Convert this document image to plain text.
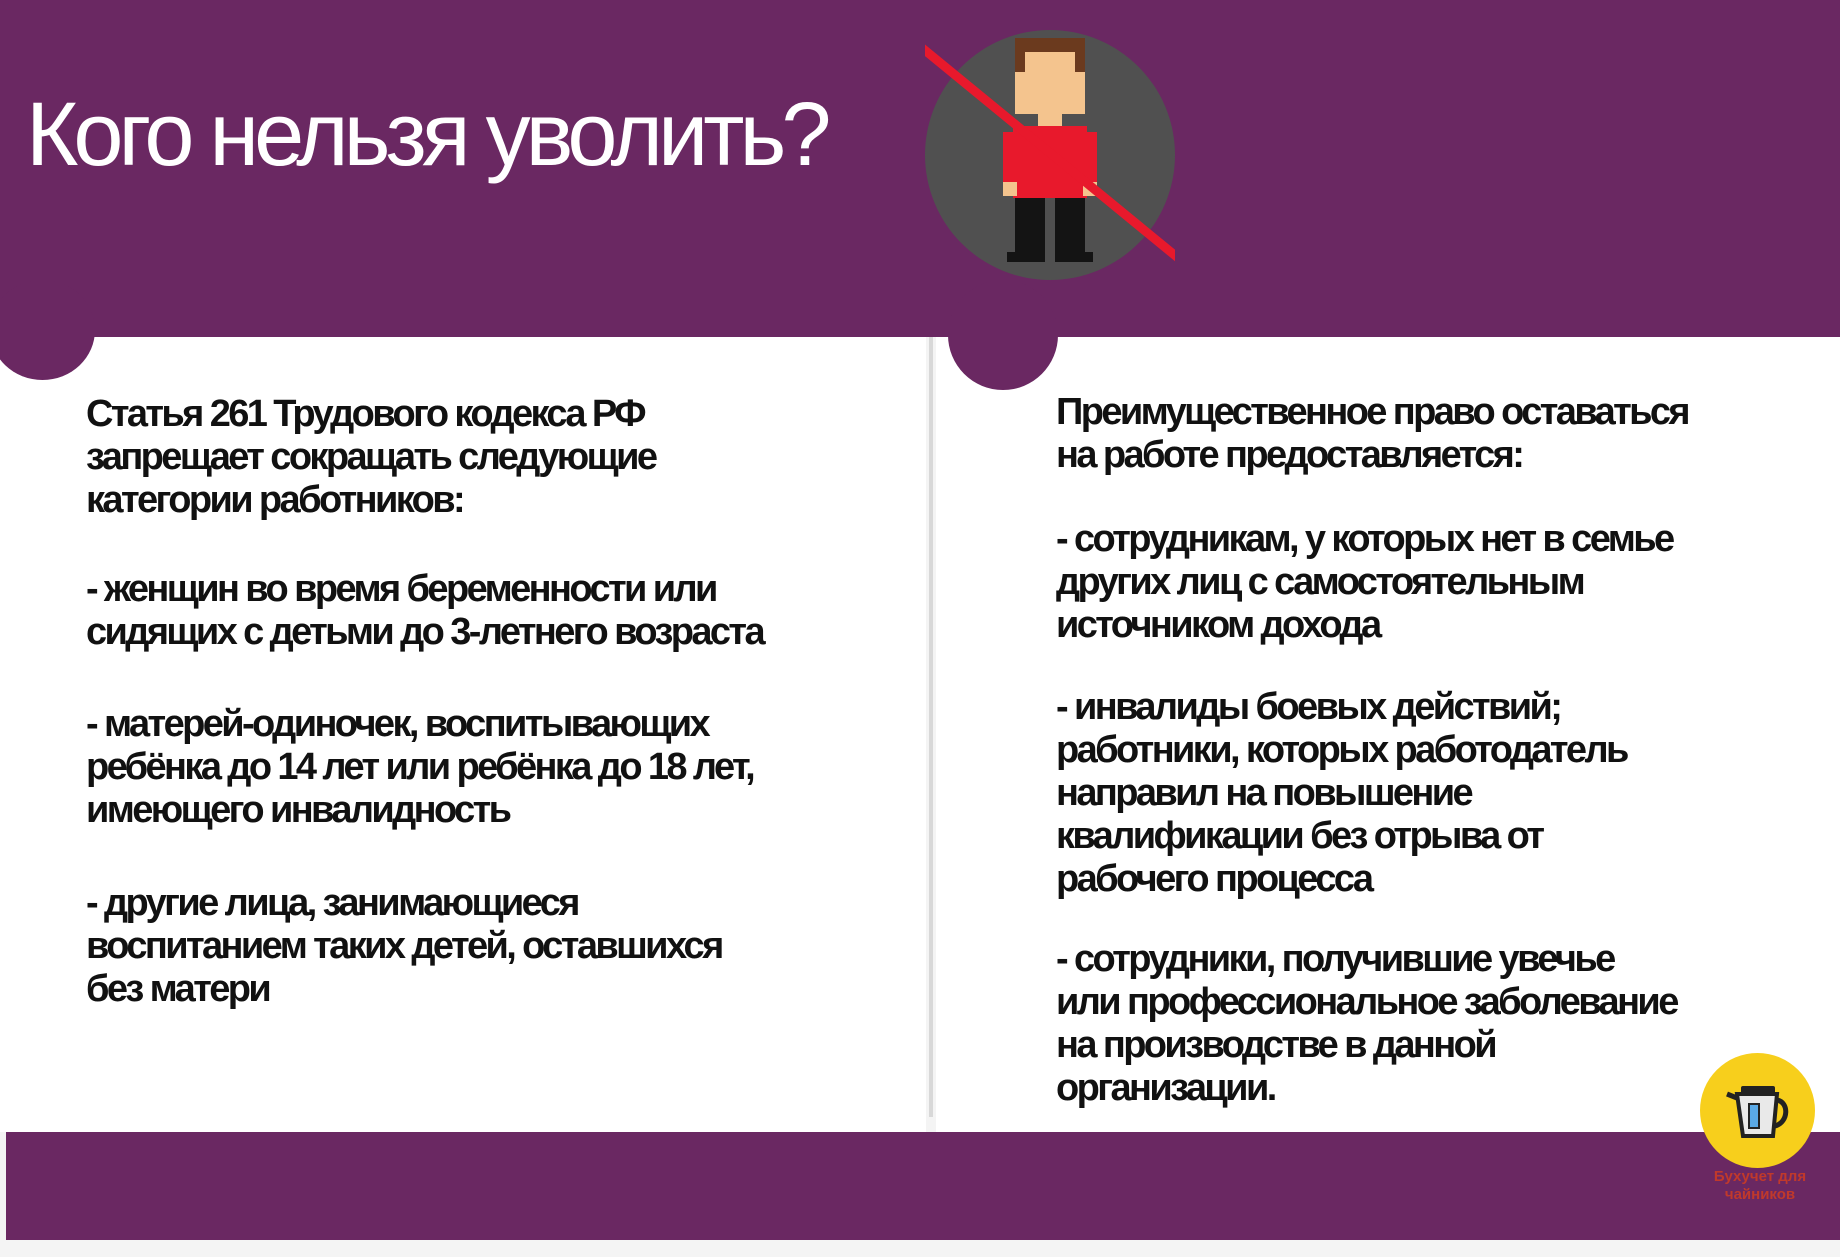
Кого нельзя уволить?

Статья 261 Трудового кодекса РФ
запрещает сокращать следующие
категории работников:

- женщин во время беременности или
сидящих с детьми до 3-летнего возраста

- матерей-одиночек, воспитывающих
ребёнка до 14 лет или ребёнка до 18 лет,
имеющего инвалидность

- другие лица, занимающиеся
воспитанием таких детей, оставшихся
без матери

Преимущественное право оставаться
на работе предоставляется:

- сотрудникам, у которых нет в семье
других лиц с самостоятельным
источником дохода

- инвалиды боевых действий;
работники, которых работодатель
направил на повышение
квалификации без отрыва от
рабочего процесса

- сотрудники, получившие увечье
или профессиональное заболевание
на производстве в данной
организации.

Бухучет для чайников
